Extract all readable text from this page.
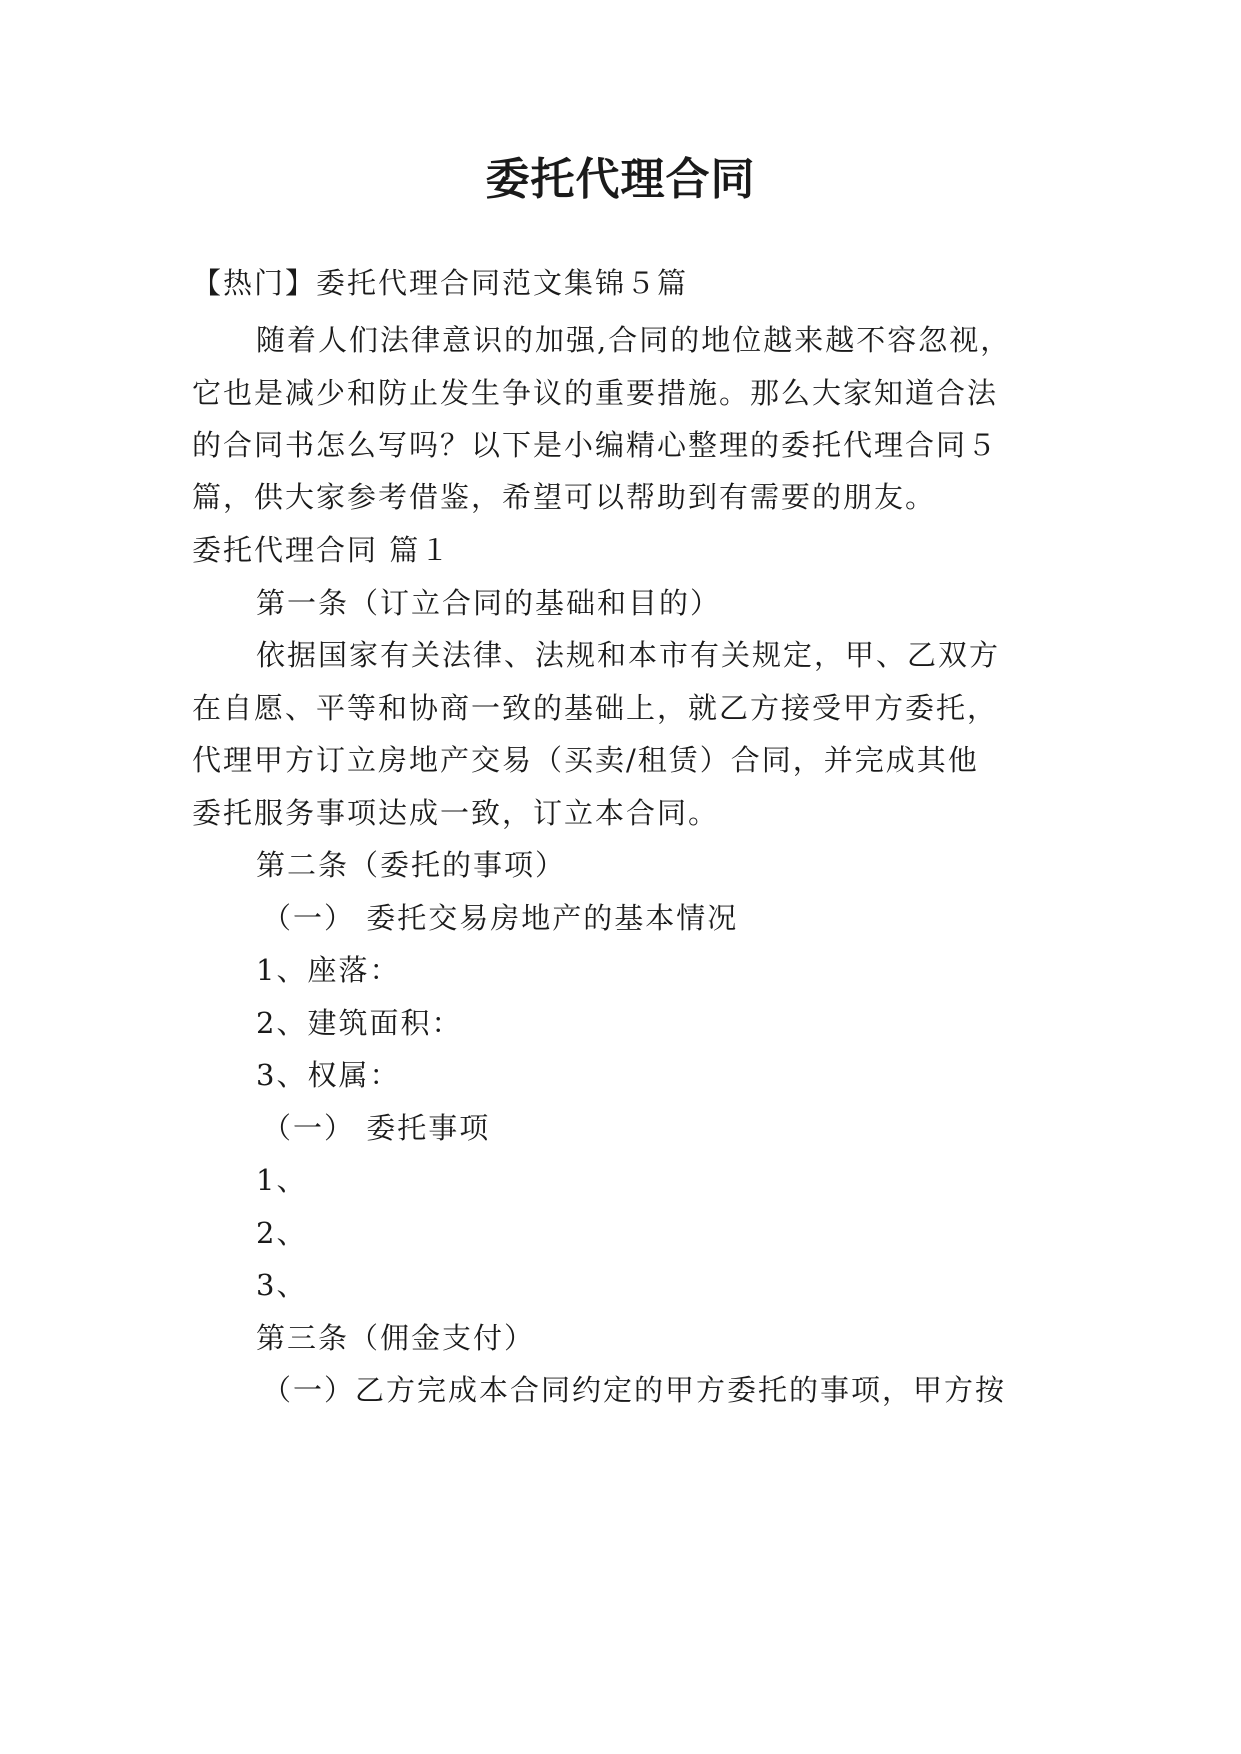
委托代理合同
【热门】委托代理合同范文集锦５篇
随着人们法律意识的加强,合同的地位越来越不容忽视，
它也是减少和防止发生争议的重要措施。那么大家知道合法
的合同书怎么写吗？以下是小编精心整理的委托代理合同５
篇，供大家参考借鉴，希望可以帮助到有需要的朋友。
委托代理合同 篇１
第一条（订立合同的基础和目的）
依据国家有关法律、法规和本市有关规定，甲、乙双方
在自愿、平等和协商一致的基础上，就乙方接受甲方委托，
代理甲方订立房地产交易（买卖/租赁）合同，并完成其他
委托服务事项达成一致，订立本合同。
第二条（委托的事项）
（一） 委托交易房地产的基本情况
1、座落：
2、建筑面积：
3、权属：
（一） 委托事项
1、
2、
3、
第三条（佣金支付）
（一）乙方完成本合同约定的甲方委托的事项，甲方按
